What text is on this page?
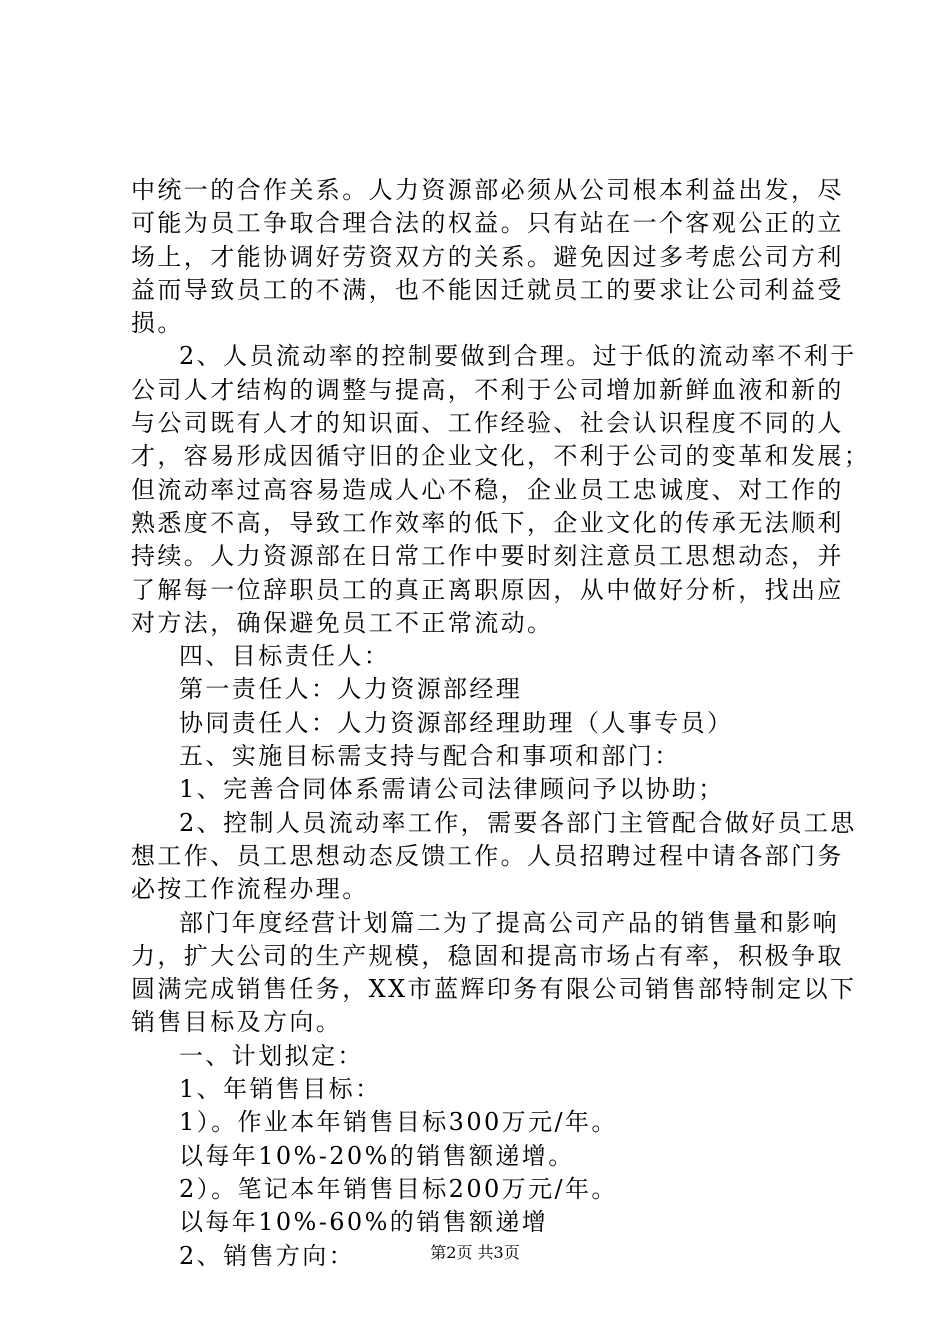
中统一的合作关系。人力资源部必须从公司根本利益出发，尽
可能为员工争取合理合法的权益。只有站在一个客观公正的立
场上，才能协调好劳资双方的关系。避免因过多考虑公司方利
益而导致员工的不满，也不能因迁就员工的要求让公司利益受
损。
2、人员流动率的控制要做到合理。过于低的流动率不利于
公司人才结构的调整与提高，不利于公司增加新鲜血液和新的
与公司既有人才的知识面、工作经验、社会认识程度不同的人
才，容易形成因循守旧的企业文化，不利于公司的变革和发展；
但流动率过高容易造成人心不稳，企业员工忠诚度、对工作的
熟悉度不高，导致工作效率的低下，企业文化的传承无法顺利
持续。人力资源部在日常工作中要时刻注意员工思想动态，并
了解每一位辞职员工的真正离职原因，从中做好分析，找出应
对方法，确保避免员工不正常流动。
四、目标责任人：
第一责任人：人力资源部经理
协同责任人：人力资源部经理助理（人事专员）
五、实施目标需支持与配合和事项和部门：
1、完善合同体系需请公司法律顾问予以协助；
2、控制人员流动率工作，需要各部门主管配合做好员工思
想工作、员工思想动态反馈工作。人员招聘过程中请各部门务
必按工作流程办理。
部门年度经营计划篇二为了提高公司产品的销售量和影响
力，扩大公司的生产规模，稳固和提高市场占有率，积极争取
圆满完成销售任务，XX市蓝辉印务有限公司销售部特制定以下
销售目标及方向。
一、计划拟定：
1、年销售目标：
1）。作业本年销售目标300万元/年。
以每年10%-20%的销售额递增。
2）。笔记本年销售目标200万元/年。
以每年10%-60%的销售额递增
2、销售方向：	第2页 共3页
